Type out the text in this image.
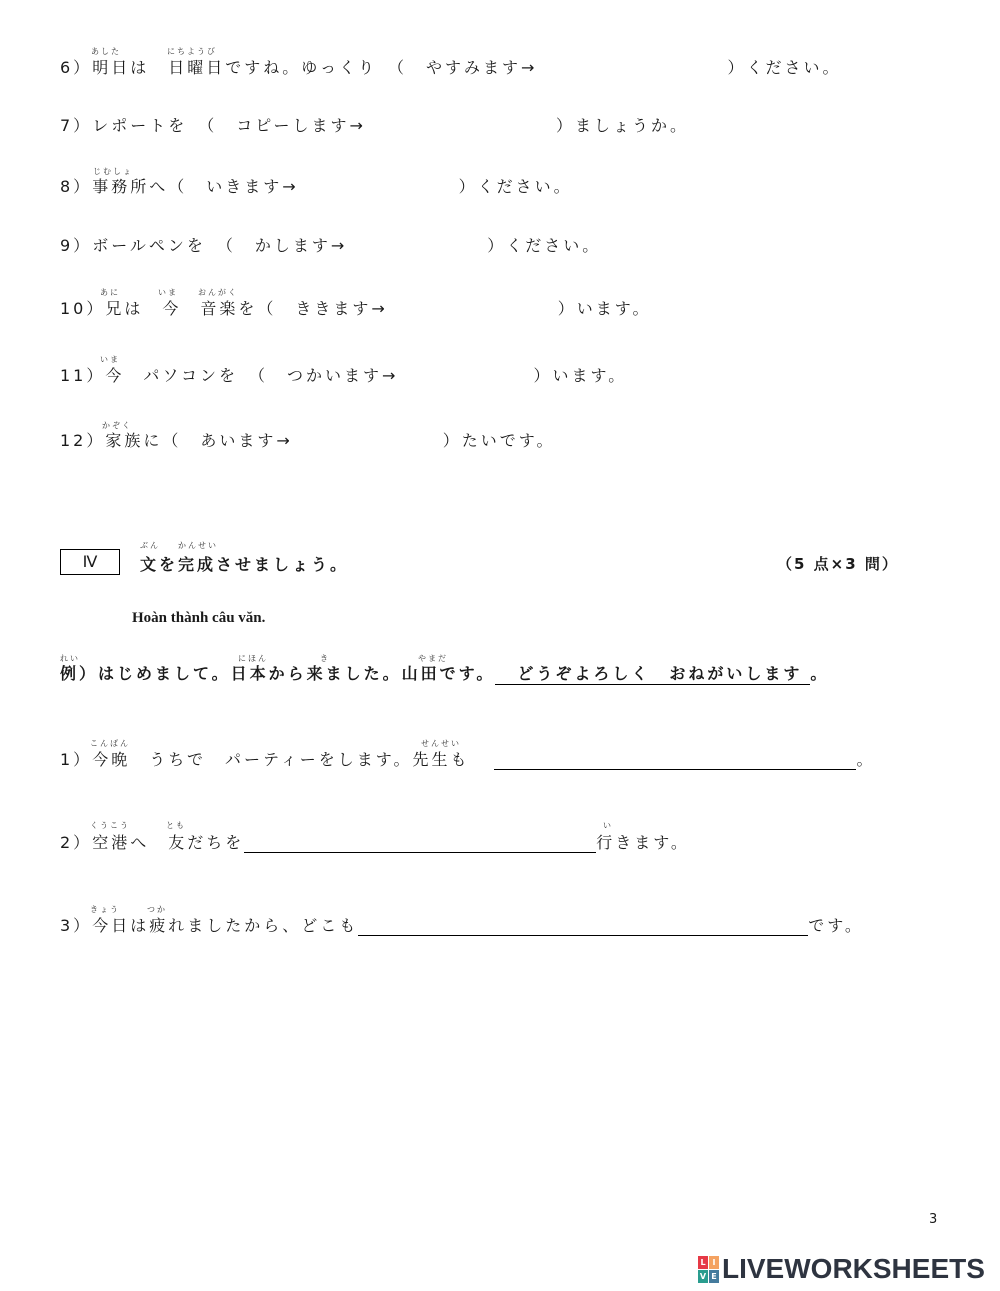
6）明日は　日曜日ですね。ゆっくり　（　やすみます→	）ください。
あした	にちようび
7）レポートを　（　コピーします→	）ましょうか。
8）事務所へ（　いきます→	）ください。
じむしょ
9）ボールペンを　（　かします→	）ください。
10）兄は　今　音楽を（　ききます→	）います。
あに	いま	おんがく
11）今　パソコンを　（　つかいます→	）います。
いま
12）家族に（　あいます→	）たいです。
かぞく
Ⅳ
ぶん かんせい
文を完成させましょう。	（5 点×3 問）
Hoàn thành câu văn.
れい	にほん	き	やまだ
例）はじめまして。日本から来ました。山田です。 どうぞよろしく　おねがいします 。
こんばん	せんせい
1）今晩　うちで　パーティーをします。先生も　	。
くうこう	とも	い
2）空港へ　友だちを	行きます。
きょう	つか
3）今日は疲れましたから、どこも	です。
3
L I
V E LIVEWORKSHEETS
